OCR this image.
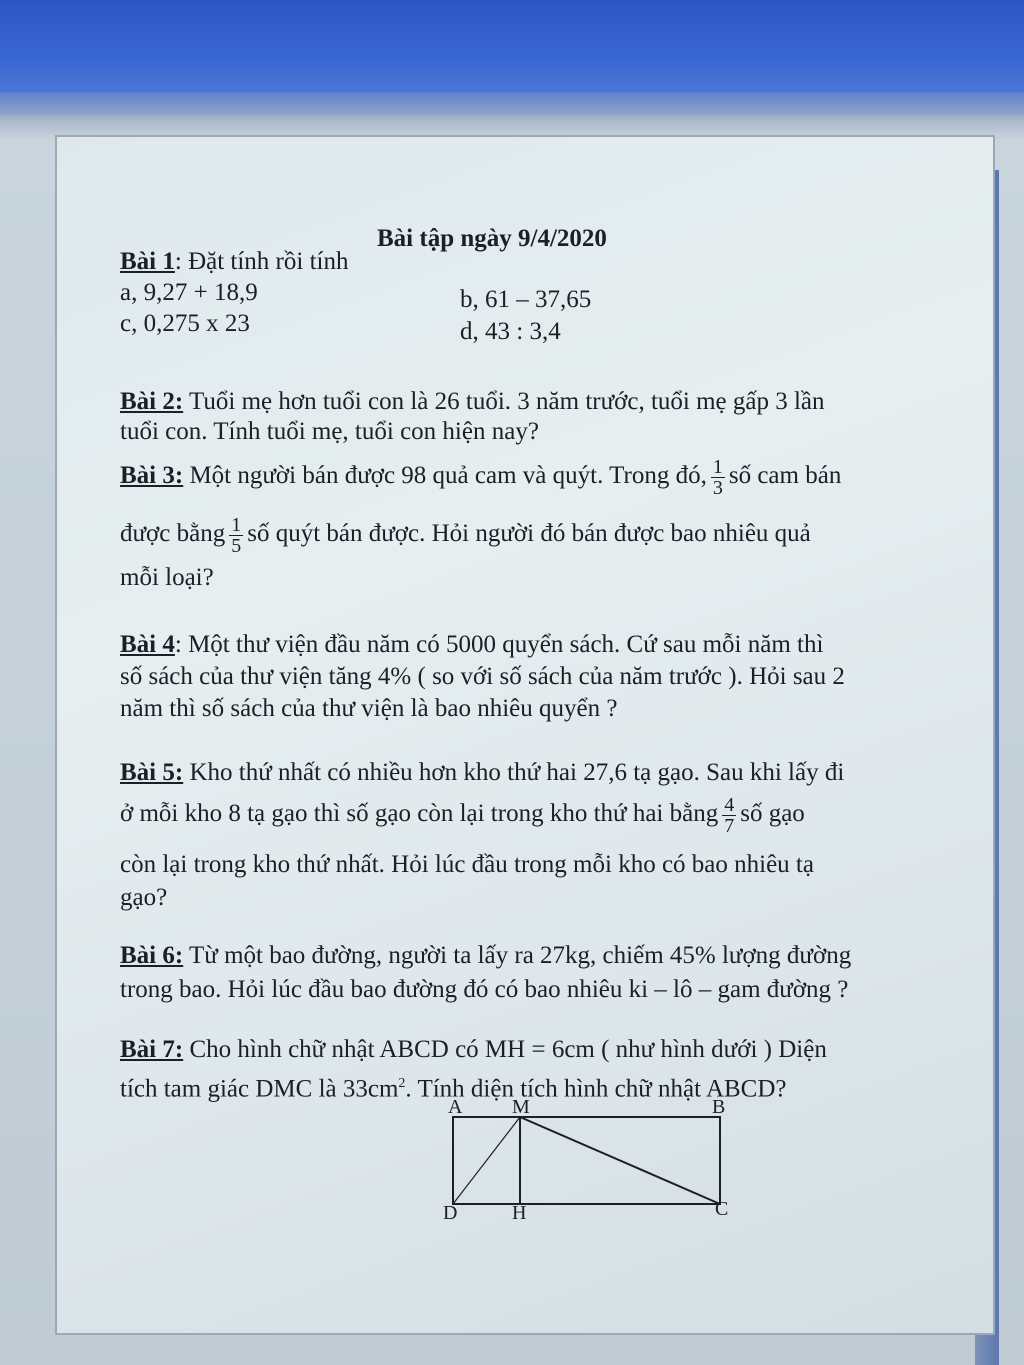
Bài tập ngày 9/4/2020
Bài 1: Đặt tính rồi tính
a, 9,27 + 18,9	b, 61 – 37,65
c, 0,275 x 23	d, 43 : 3,4
Bài 2: Tuổi mẹ hơn tuổi con là 26 tuổi. 3 năm trước, tuổi mẹ gấp 3 lần
tuổi con. Tính tuổi mẹ, tuổi con hiện nay?
Bài 3: Một người bán được 98 quả cam và quýt. Trong đó, $\frac{1}{3}$ số cam bán
được bằng $\frac{1}{5}$ số quýt bán được. Hỏi người đó bán được bao nhiêu quả
mỗi loại?
Bài 4: Một thư viện đầu năm có 5000 quyển sách. Cứ sau mỗi năm thì
số sách của thư viện tăng 4% ( so với số sách của năm trước ). Hỏi sau 2
năm thì số sách của thư viện là bao nhiêu quyển ?
Bài 5: Kho thứ nhất có nhiều hơn kho thứ hai 27,6 tạ gạo. Sau khi lấy đi
ở mỗi kho 8 tạ gạo thì số gạo còn lại trong kho thứ hai bằng $\frac{4}{7}$ số gạo
còn lại trong kho thứ nhất. Hỏi lúc đầu trong mỗi kho có bao nhiêu tạ
gạo?
Bài 6: Từ một bao đường, người ta lấy ra 27kg, chiếm 45% lượng đường
trong bao. Hỏi lúc đầu bao đường đó có bao nhiêu ki – lô – gam đường ?
Bài 7: Cho hình chữ nhật ABCD có MH = 6cm ( như hình dưới ) Diện
tích tam giác DMC là $33cm^2$. Tính diện tích hình chữ nhật ABCD?
A M	B
D	H	C
